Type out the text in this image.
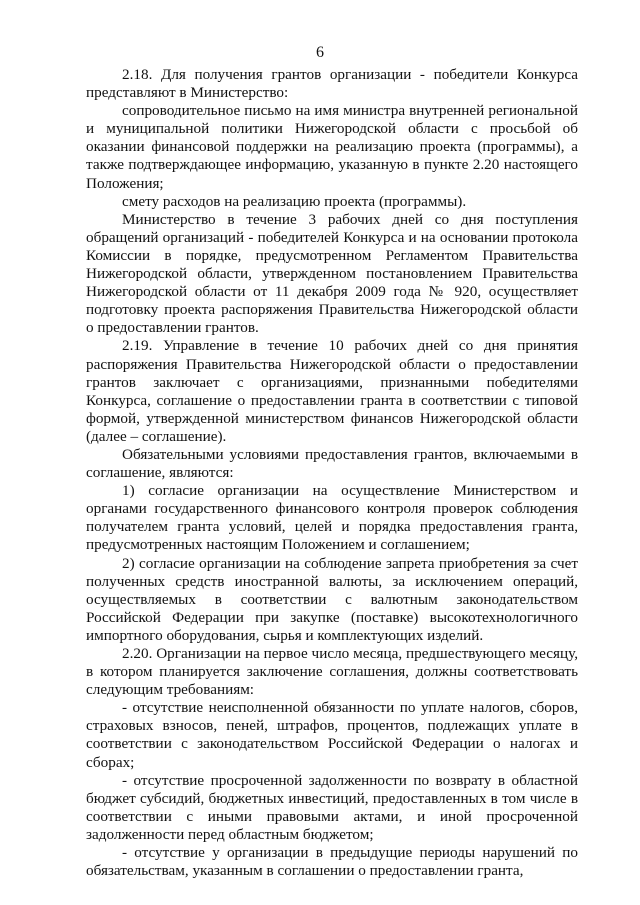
6

2.18. Для получения грантов организации - победители Конкурса представляют в Министерство:

сопроводительное письмо на имя министра внутренней региональной и муниципальной политики Нижегородской области с просьбой об оказании финансовой поддержки на реализацию проекта (программы), а также подтверждающее информацию, указанную в пункте 2.20 настоящего Положения;

смету расходов на реализацию проекта (программы).

Министерство в течение 3 рабочих дней со дня поступления обращений организаций - победителей Конкурса и на основании протокола Комиссии в порядке, предусмотренном Регламентом Правительства Нижегородской области, утвержденном постановлением Правительства Нижегородской области от 11 декабря 2009 года № 920, осуществляет подготовку проекта распоряжения Правительства Нижегородской области о предоставлении грантов.

2.19. Управление в течение 10 рабочих дней со дня принятия распоряжения Правительства Нижегородской области о предоставлении грантов заключает с организациями, признанными победителями Конкурса, соглашение о предоставлении гранта в соответствии с типовой формой, утвержденной министерством финансов Нижегородской области (далее – соглашение).

Обязательными условиями предоставления грантов, включаемыми в соглашение, являются:

1) согласие организации на осуществление Министерством и органами государственного финансового контроля проверок соблюдения получателем гранта условий, целей и порядка предоставления гранта, предусмотренных настоящим Положением и соглашением;

2) согласие организации на соблюдение запрета приобретения за счет полученных средств иностранной валюты, за исключением операций, осуществляемых в соответствии с валютным законодательством Российской Федерации при закупке (поставке) высокотехнологичного импортного оборудования, сырья и комплектующих изделий.

2.20. Организации на первое число месяца, предшествующего месяцу, в котором планируется заключение соглашения, должны соответствовать следующим требованиям:

- отсутствие неисполненной обязанности по уплате налогов, сборов, страховых взносов, пеней, штрафов, процентов, подлежащих уплате в соответствии с законодательством Российской Федерации о налогах и сборах;

- отсутствие просроченной задолженности по возврату в областной бюджет субсидий, бюджетных инвестиций, предоставленных в том числе в соответствии с иными правовыми актами, и иной просроченной задолженности перед областным бюджетом;

- отсутствие у организации в предыдущие периоды нарушений по обязательствам, указанным в соглашении о предоставлении гранта,
